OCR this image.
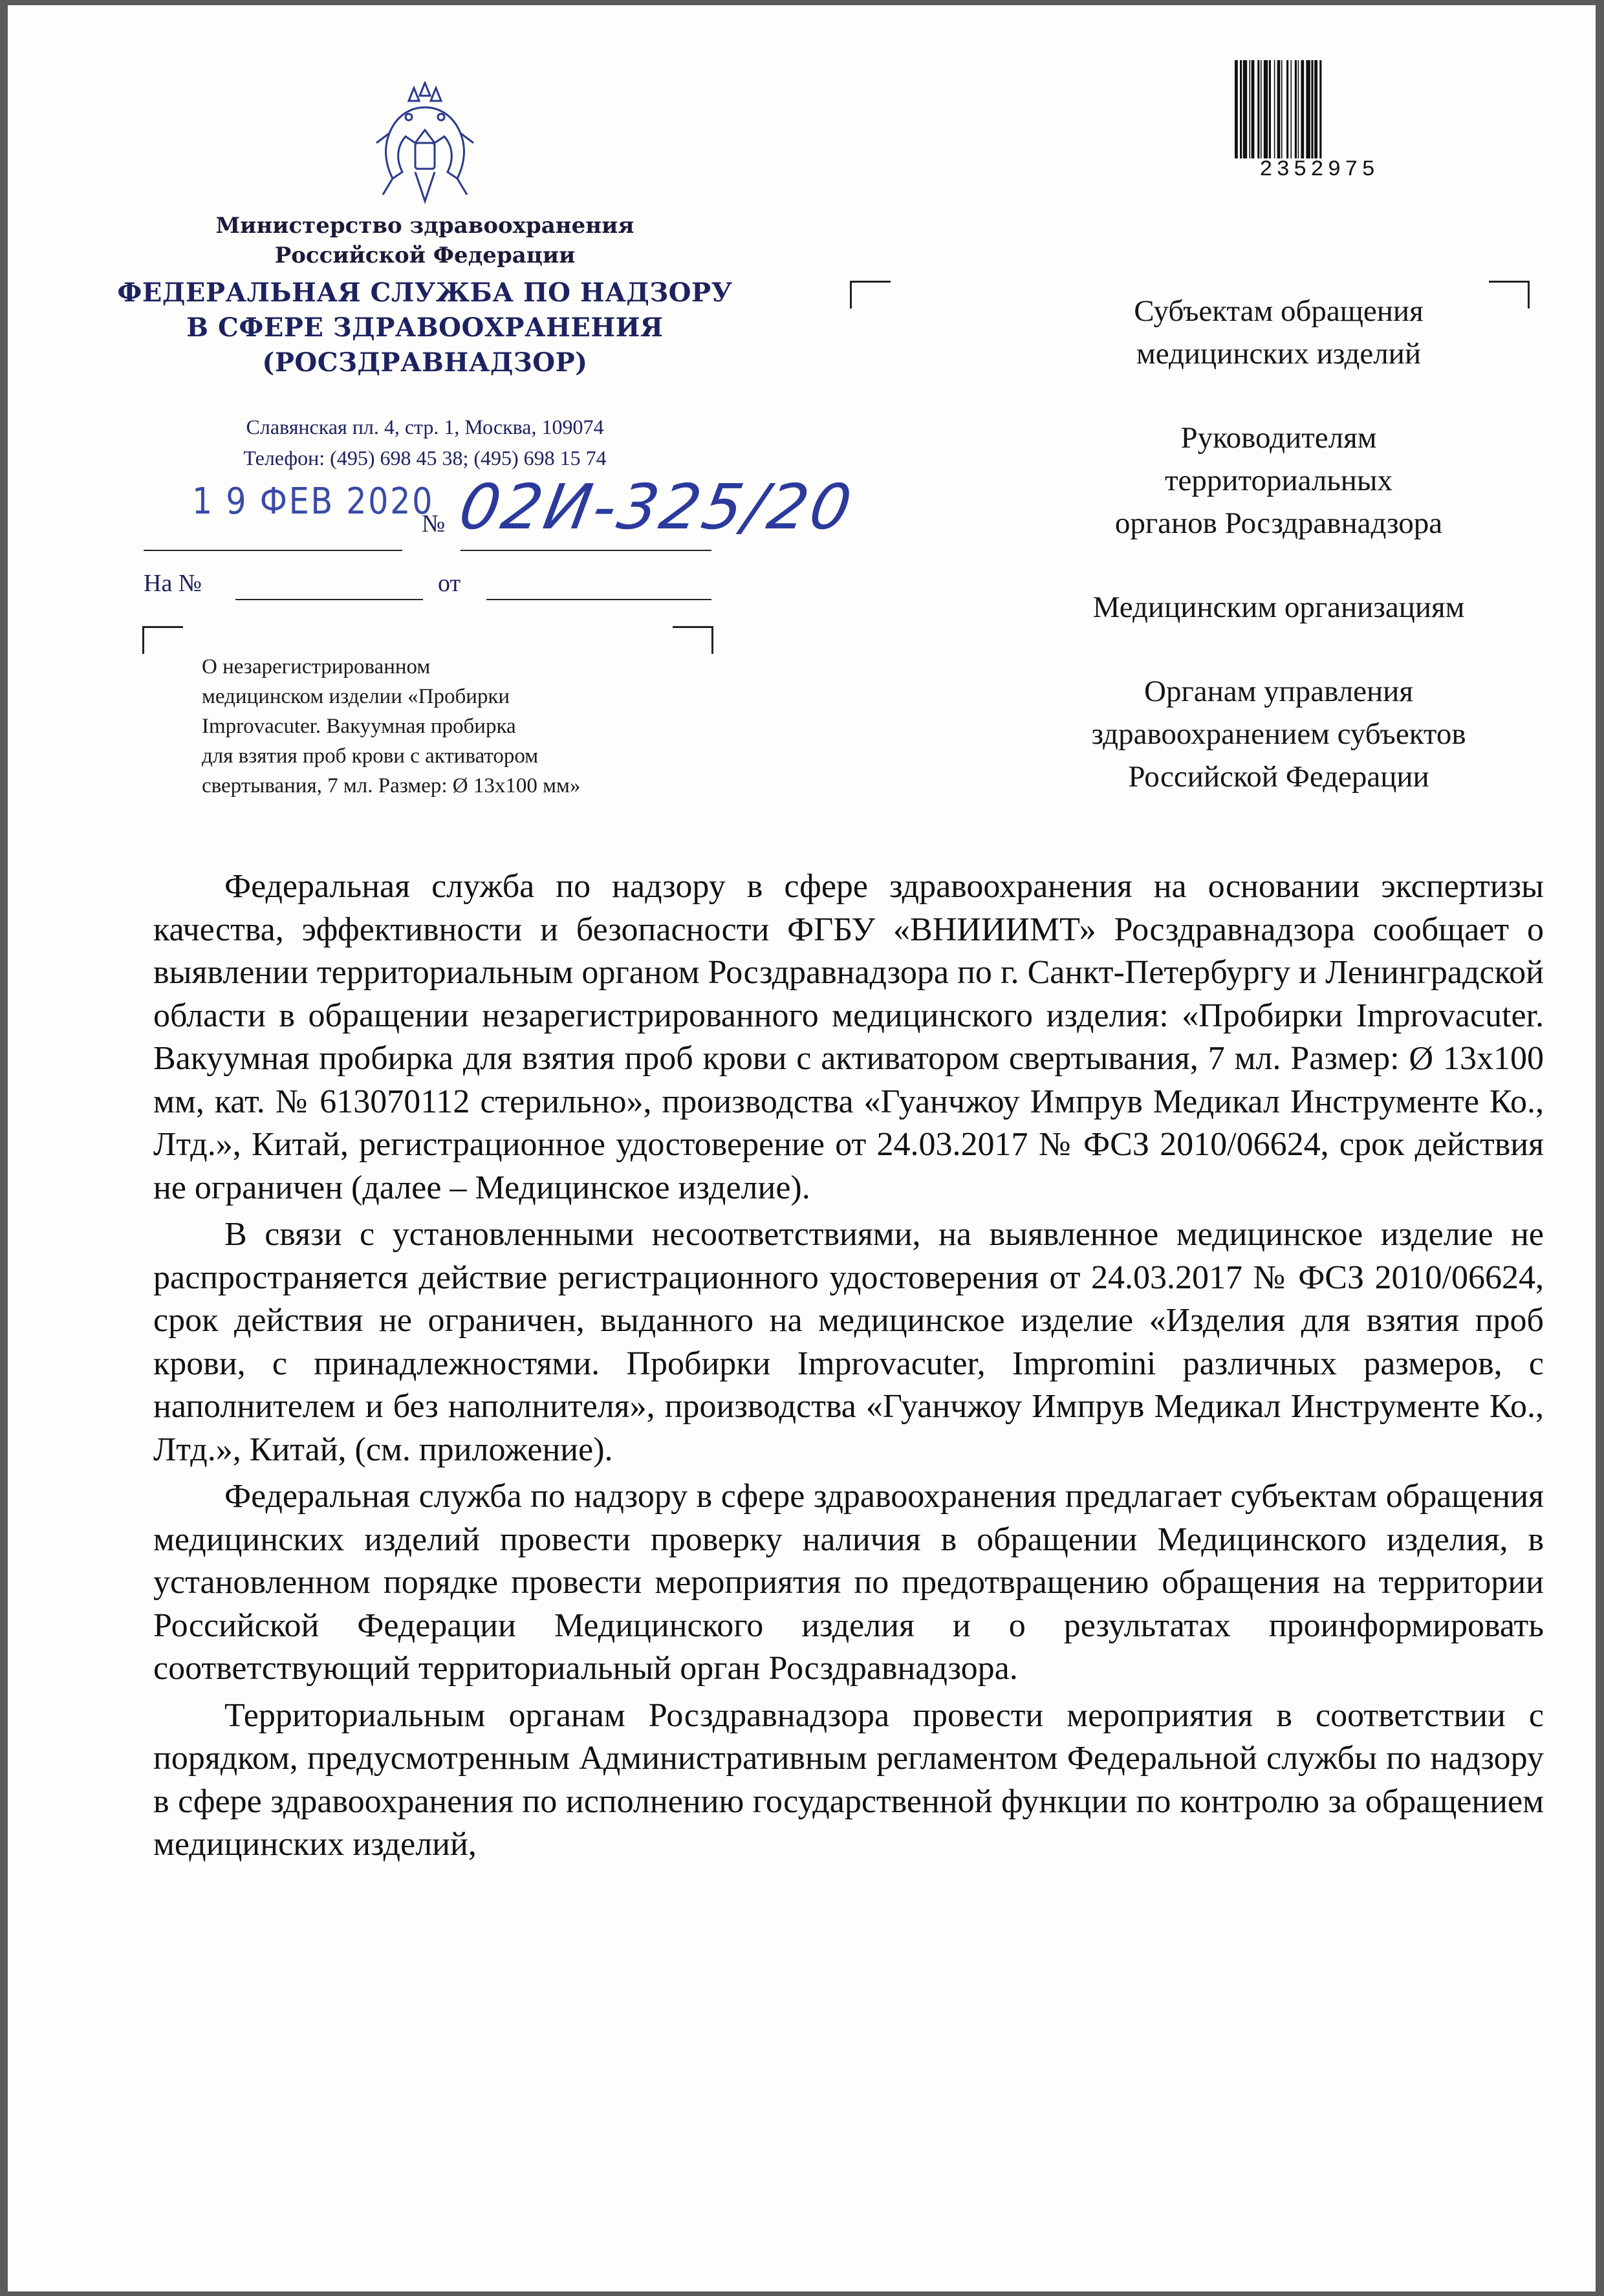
Министерство здравоохранения
Российской Федерации
ФЕДЕРАЛЬНАЯ СЛУЖБА ПО НАДЗОРУ
В СФЕРЕ ЗДРАВООХРАНЕНИЯ
(РОСЗДРАВНАДЗОР)
Славянская пл. 4, стр. 1, Москва, 109074
Телефон: (495) 698 45 38; (495) 698 15 74
1 9 ФЕВ 2020
№ 02И-325/20
На №	от
О незарегистрированном
медицинском изделии «Пробирки
Improvacuter. Вакуумная пробирка
для взятия проб крови с активатором
свертывания, 7 мл. Размер: Ø 13х100 мм»
Субъектам обращения
медицинских изделий
Руководителям
территориальных
органов Росздравнадзора
Медицинским организациям
Органам управления
здравоохранением субъектов
Российской Федерации
2352975

Федеральная служба по надзору в сфере здравоохранения на основании экспертизы качества, эффективности и безопасности ФГБУ «ВНИИИМТ» Росздравнадзора сообщает о выявлении территориальным органом Росздравнадзора по г. Санкт-Петербургу и Ленинградской области в обращении незарегистрированного медицинского изделия: «Пробирки Improvacuter. Вакуумная пробирка для взятия проб крови с активатором свертывания, 7 мл. Размер: Ø 13х100 мм, кат. № 613070112 стерильно», производства «Гуанчжоу Импрув Медикал Инструменте Ко., Лтд.», Китай, регистрационное удостоверение от 24.03.2017 № ФСЗ 2010/06624, срок действия не ограничен (далее – Медицинское изделие).

В связи с установленными несоответствиями, на выявленное медицинское изделие не распространяется действие регистрационного удостоверения от 24.03.2017 № ФСЗ 2010/06624, срок действия не ограничен, выданного на медицинское изделие «Изделия для взятия проб крови, с принадлежностями. Пробирки Improvacuter, Impromini различных размеров, с наполнителем и без наполнителя», производства «Гуанчжоу Импрув Медикал Инструменте Ко., Лтд.», Китай, (см. приложение).

Федеральная служба по надзору в сфере здравоохранения предлагает субъектам обращения медицинских изделий провести проверку наличия в обращении Медицинского изделия, в установленном порядке провести мероприятия по предотвращению обращения на территории Российской Федерации Медицинского изделия и о результатах проинформировать соответствующий территориальный орган Росздравнадзора.

Территориальным органам Росздравнадзора провести мероприятия в соответствии с порядком, предусмотренным Административным регламентом Федеральной службы по надзору в сфере здравоохранения по исполнению государственной функции по контролю за обращением медицинских изделий,
